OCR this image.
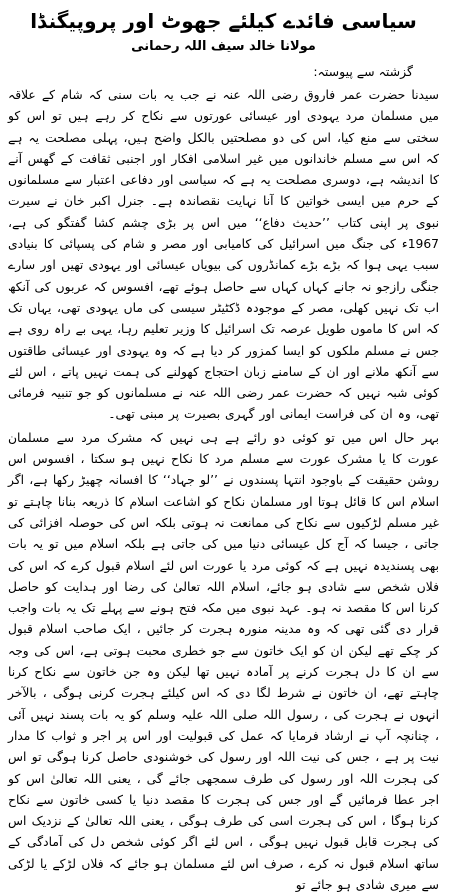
سیاسی فائدے کیلئے جھوٹ اور پروپیگنڈا
مولانا خالد سیف اللہ رحمانی
گزشتہ سے پیوستہ:

سیدنا حضرت عمر فاروق رضی اللہ عنہ نے جب یہ بات سنی کہ شام کے علاقہ میں مسلمان مرد یہودی اور عیسائی عورتوں سے نکاح کر رہے ہیں تو اس کو سختی سے منع کیا، اس کی دو مصلحتیں بالکل واضح ہیں، پہلی مصلحت یہ ہے کہ اس سے مسلم خاندانوں میں غیر اسلامی افکار اور اجنبی ثقافت کے گھس آنے کا اندیشہ ہے، دوسری مصلحت یہ ہے کہ سیاسی اور دفاعی اعتبار سے مسلمانوں کے حرم میں ایسی خواتین کا آنا نہایت نقصاندہ ہے۔ جنرل اکبر خان نے سیرت نبوی پر اپنی کتاب ’’حدیث دفاع‘‘ میں اس پر بڑی چشم کشا گفتگو کی ہے، 1967ء کی جنگ میں اسرائیل کی کامیابی اور مصر و شام کی پسپائی کا بنیادی سبب یہی ہوا کہ بڑے بڑے کمانڈروں کی بیویاں عیسائی اور یہودی تھیں اور سارے جنگی رازجو نہ جانے کہاں کہاں سے حاصل ہوئے تھے، افسوس کہ عربوں کی آنکھ اب تک نہیں کھلی، مصر کے موجودہ ڈکٹیٹر سیسی کی ماں یہودی تھی، یہاں تک کہ اس کا ماموں طویل عرصہ تک اسرائیل کا وزیر تعلیم رہا، یہی بے راہ روی ہے جس نے مسلم ملکوں کو ایسا کمزور کر دیا ہے کہ وہ یہودی اور عیسائی طاقتوں سے آنکھ ملانے اور ان کے سامنے زبان احتجاج کھولنے کی ہمت نہیں پاتے ، اس لئے کوئی شبہ نہیں کہ حضرت عمر رضی اللہ عنہ نے مسلمانوں کو جو تنبیہ فرمائی تھی، وہ ان کی فراست ایمانی اور گہری بصیرت پر مبنی تھی۔

بہر حال اس میں تو کوئی دو رائے ہے ہی نہیں کہ مشرک مرد سے مسلمان عورت کا یا مشرک عورت سے مسلم مرد کا نکاح نہیں ہو سکتا ، افسوس اس روشن حقیقت کے باوجود انتہا پسندوں نے ’’لو جہاد‘‘ کا افسانہ چھیڑ رکھا ہے، اگر اسلام اس کا قائل ہوتا اور مسلمان نکاح کو اشاعت اسلام کا ذریعہ بنانا چاہتے تو غیر مسلم لڑکیوں سے نکاح کی ممانعت نہ ہوتی بلکہ اس کی حوصلہ افزائی کی جاتی ، جیسا کہ آج کل عیسائی دنیا میں کی جاتی ہے بلکہ اسلام میں تو یہ بات بھی پسندیدہ نہیں ہے کہ کوئی مرد یا عورت اس لئے اسلام قبول کرے کہ اس کی فلاں شخص سے شادی ہو جائے، اسلام اللہ تعالیٰ کی رضا اور ہدایت کو حاصل کرنا اس کا مقصد نہ ہو۔ عہد نبوی میں مکہ فتح ہونے سے پہلے تک یہ بات واجب قرار دی گئی تھی کہ وہ مدینہ منورہ ہجرت کر جائیں ، ایک صاحب اسلام قبول کر چکے تھے لیکن ان کو ایک خاتون سے جو خطری محبت ہوتی ہے، اس کی وجہ سے ان کا دل ہجرت کرنے پر آمادہ نہیں تھا لیکن وہ جن خاتون سے نکاح کرنا چاہتے تھے، ان خاتون نے شرط لگا دی کہ اس کیلئے ہجرت کرنی ہوگی ، بالآخر انہوں نے ہجرت کی ، رسول اللہ صلی اللہ علیہ وسلم کو یہ بات پسند نہیں آئی ، چنانچہ آپ نے ارشاد فرمایا کہ عمل کی قبولیت اور اس پر اجر و ثواب کا مدار نیت پر ہے ، جس کی نیت اللہ اور رسول کی خوشنودی حاصل کرنا ہوگی تو اس کی ہجرت اللہ اور رسول کی طرف سمجھی جائے گی ، یعنی اللہ تعالیٰ اس کو اجر عطا فرمائیں گے اور جس کی ہجرت کا مقصد دنیا یا کسی خاتون سے نکاح کرنا ہوگا ، اس کی ہجرت اسی کی طرف ہوگی ، یعنی اللہ تعالیٰ کے نزدیک اس کی ہجرت قابل قبول نہیں ہوگی ، اس لئے اگر کوئی شخص دل کی آمادگی کے ساتھ اسلام قبول نہ کرے ، صرف اس لئے مسلمان ہو جائے کہ فلاں لڑکے یا لڑکی سے میری شادی ہو جائے تو
